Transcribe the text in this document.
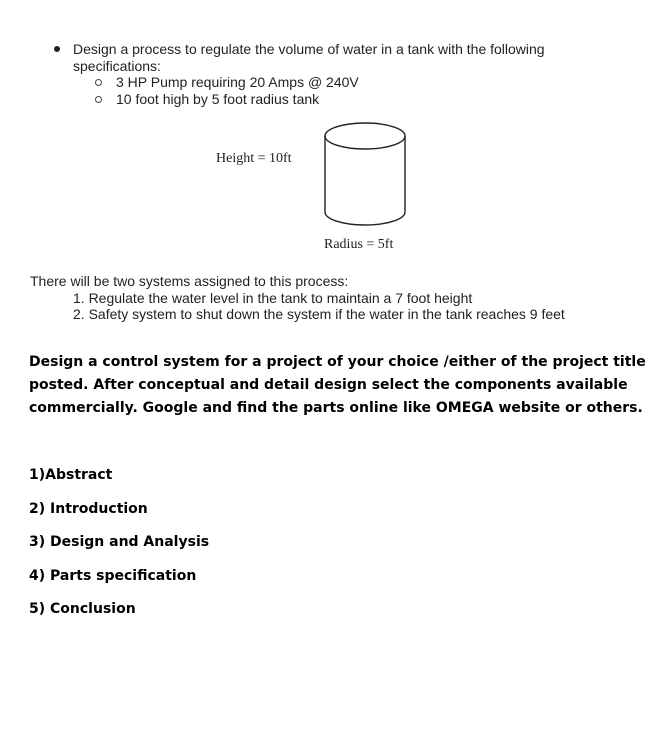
Design a process to regulate the volume of water in a tank with the following
specifications:
3 HP Pump requiring 20 Amps @ 240V
10 foot high by 5 foot radius tank
Height = 10ft
Radius = 5ft
There will be two systems assigned to this process:
1. Regulate the water level in the tank to maintain a 7 foot height
2. Safety system to shut down the system if the water in the tank reaches 9 feet
Design a control system for a project of your choice /either of the project title
posted. After conceptual and detail design select the components available
commercially. Google and find the parts online like OMEGA website or others.
1)Abstract
2) Introduction
3) Design and Analysis
4) Parts specification
5) Conclusion
